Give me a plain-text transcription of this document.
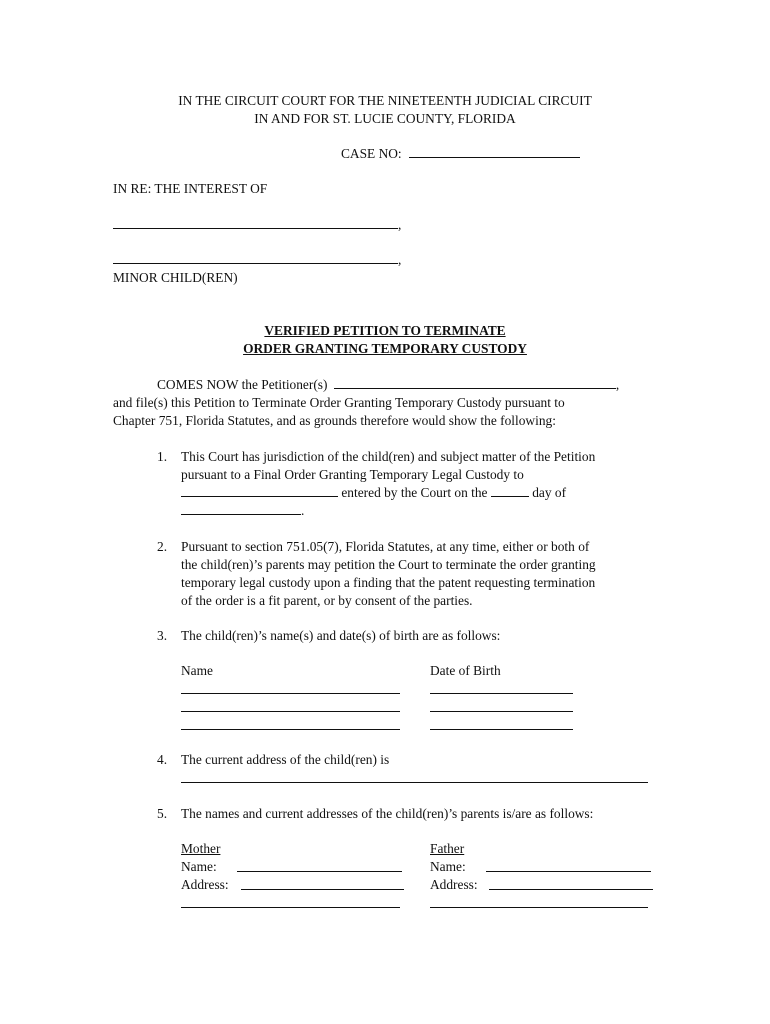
IN THE CIRCUIT COURT FOR THE NINETEENTH JUDICIAL CIRCUIT
IN AND FOR ST. LUCIE COUNTY, FLORIDA
CASE NO:
IN RE: THE INTEREST OF
,
,
MINOR CHILD(REN)
VERIFIED PETITION TO TERMINATE
ORDER GRANTING TEMPORARY CUSTODY
COMES NOW the Petitioner(s)	,
and file(s) this Petition to Terminate Order Granting Temporary Custody pursuant to
Chapter 751, Florida Statutes, and as grounds therefore would show the following:
1. This Court has jurisdiction of the child(ren) and subject matter of the Petition
pursuant to a Final Order Granting Temporary Legal Custody to
entered by the Court on the	day of
.
2. Pursuant to section 751.05(7), Florida Statutes, at any time, either or both of
the child(ren)’s parents may petition the Court to terminate the order granting
temporary legal custody upon a finding that the patent requesting termination
of the order is a fit parent, or by consent of the parties.
3. The child(ren)’s name(s) and date(s) of birth are as follows:
Name	Date of Birth
4. The current address of the child(ren) is
5. The names and current addresses of the child(ren)’s parents is/are as follows:
Mother	Father
Name:	Name:
Address:	Address:
